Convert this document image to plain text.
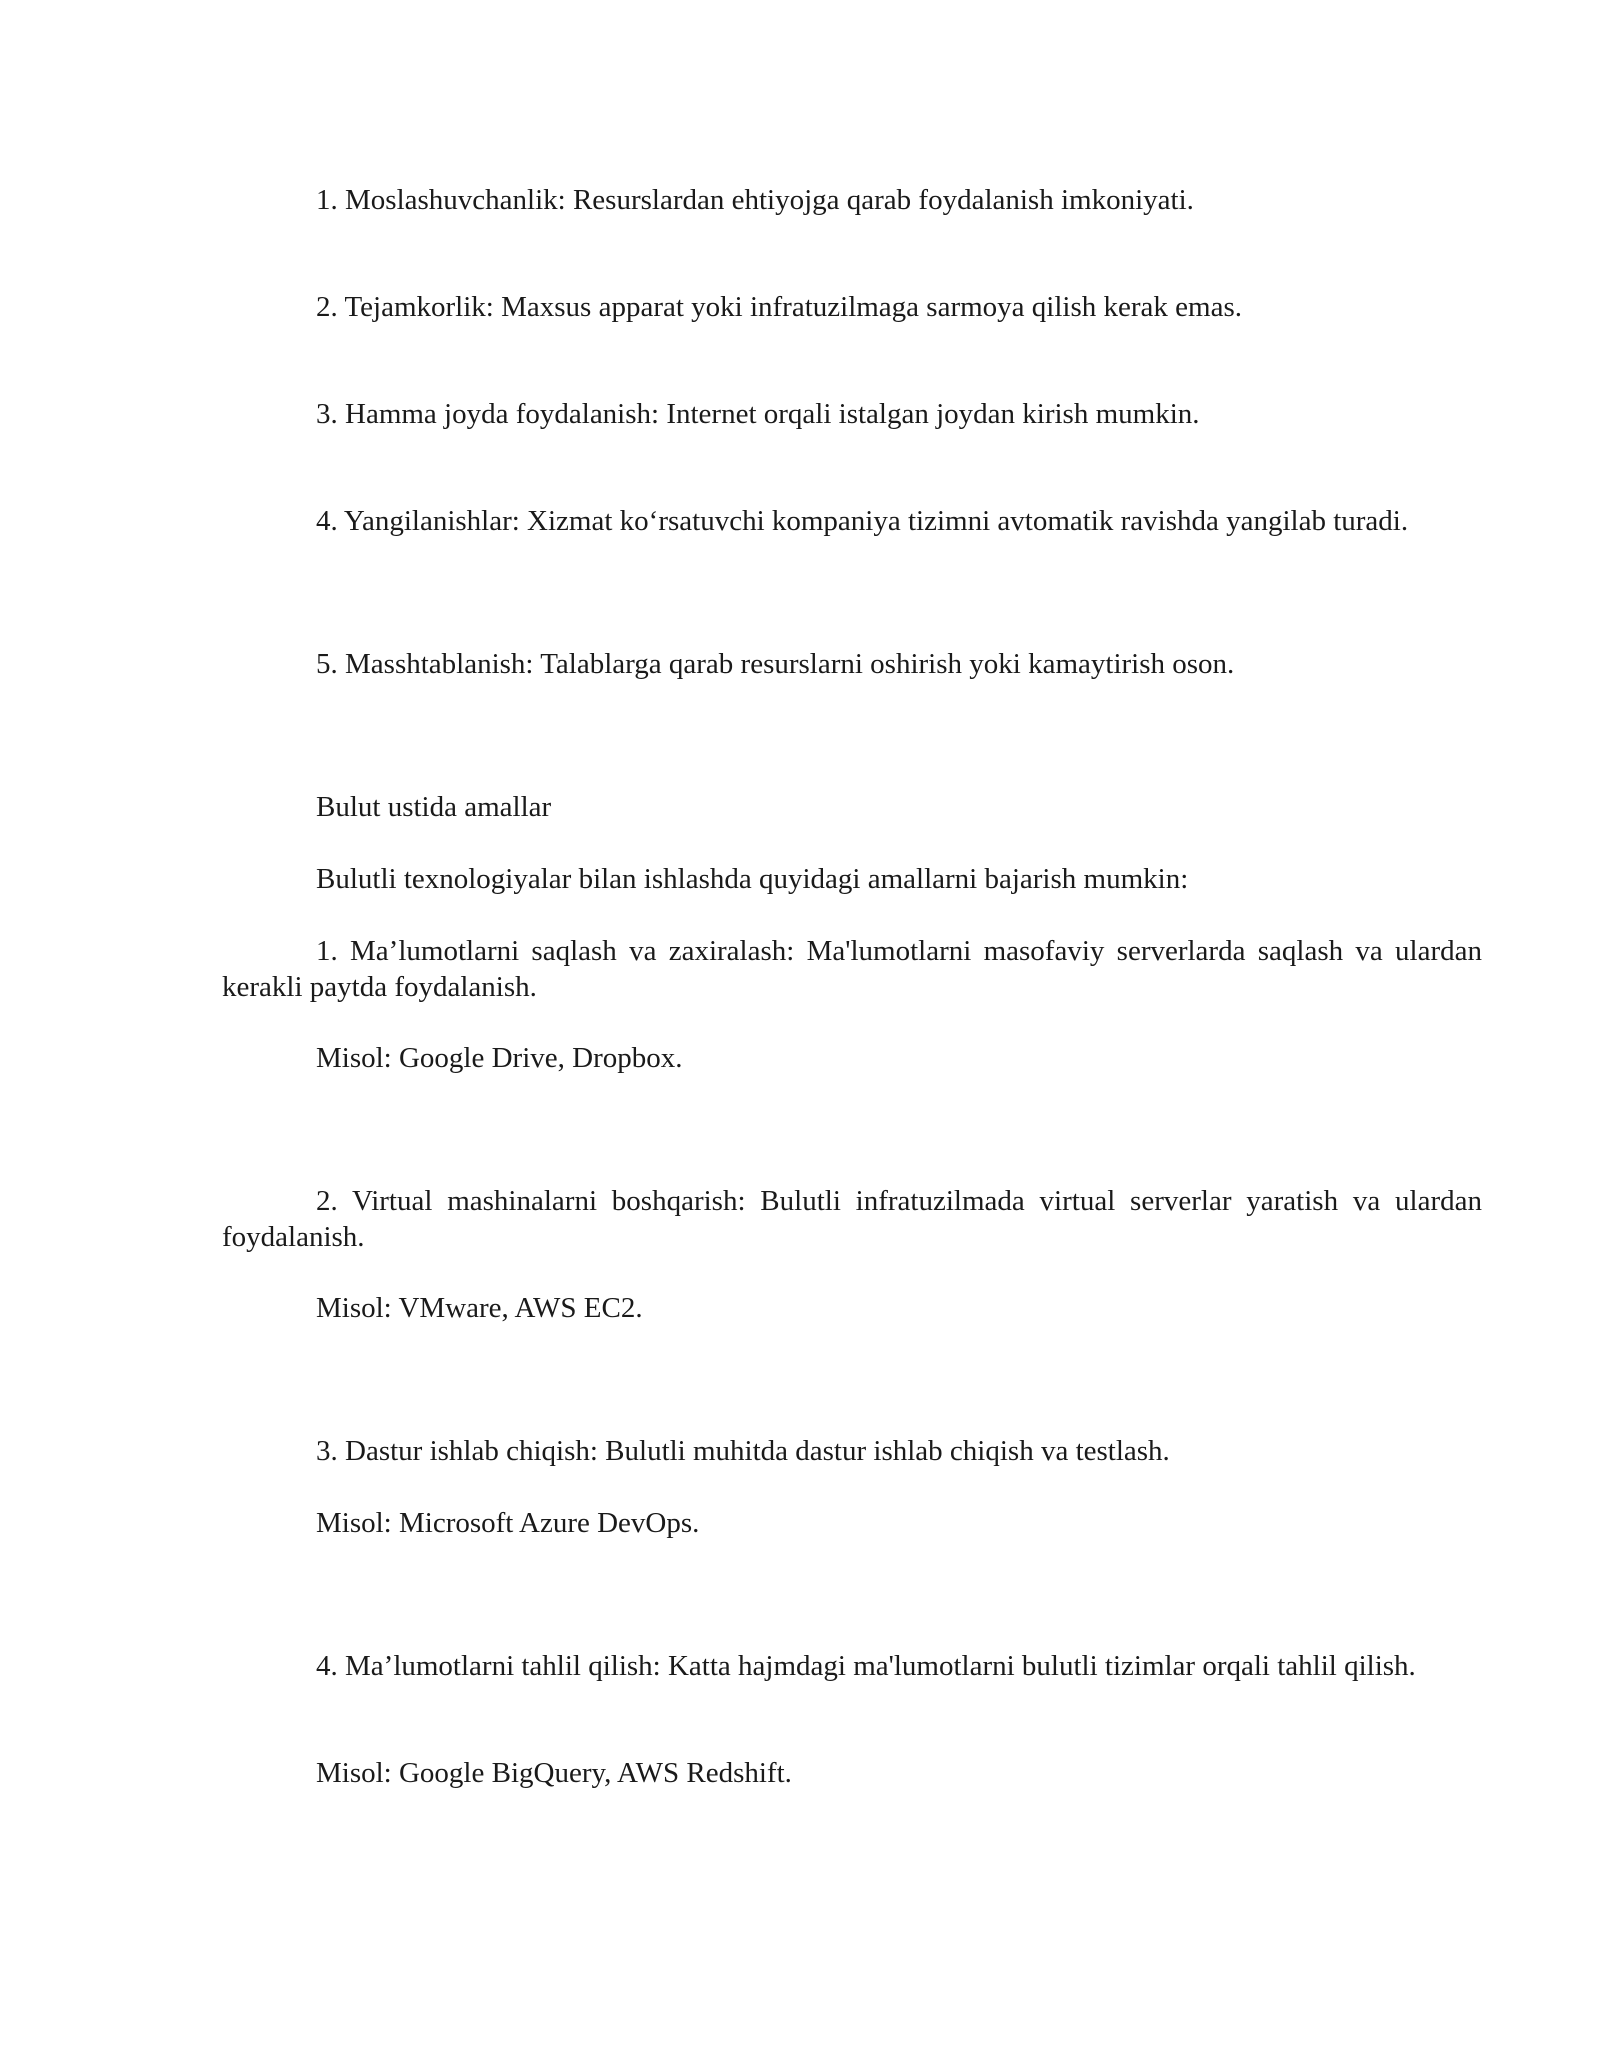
1. Moslashuvchanlik: Resurslardan ehtiyojga qarab foydalanish imkoniyati.

2. Tejamkorlik: Maxsus apparat yoki infratuzilmaga sarmoya qilish kerak emas.

3. Hamma joyda foydalanish: Internet orqali istalgan joydan kirish mumkin.

4. Yangilanishlar: Xizmat ko‘rsatuvchi kompaniya tizimni avtomatik ravishda yangilab turadi.

5. Masshtablanish: Talablarga qarab resurslarni oshirish yoki kamaytirish oson.

Bulut ustida amallar

Bulutli texnologiyalar bilan ishlashda quyidagi amallarni bajarish mumkin:

1. Ma’lumotlarni saqlash va zaxiralash: Ma'lumotlarni masofaviy serverlarda saqlash va ulardan kerakli paytda foydalanish.

Misol: Google Drive, Dropbox.

2. Virtual mashinalarni boshqarish: Bulutli infratuzilmada virtual serverlar yaratish va ulardan foydalanish.

Misol: VMware, AWS EC2.

3. Dastur ishlab chiqish: Bulutli muhitda dastur ishlab chiqish va testlash.

Misol: Microsoft Azure DevOps.

4. Ma’lumotlarni tahlil qilish: Katta hajmdagi ma'lumotlarni bulutli tizimlar orqali tahlil qilish.

Misol: Google BigQuery, AWS Redshift.
